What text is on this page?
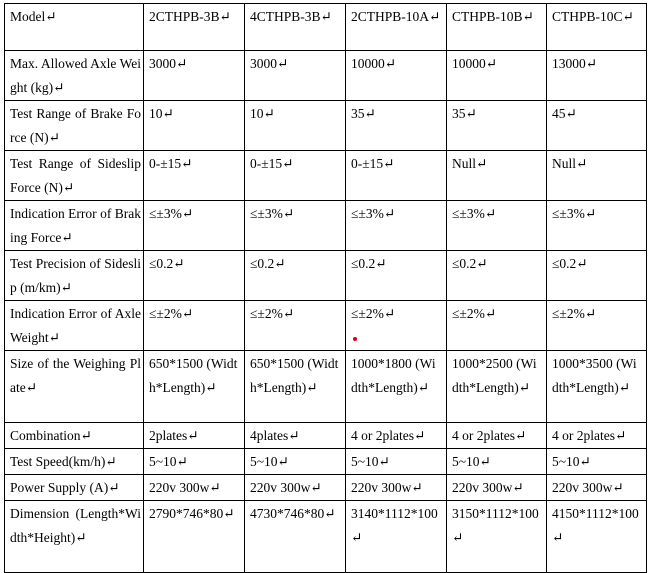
Model↵	2CTHPB-3B↵	4CTHPB-3B↵	2CTHPB-10A↵	CTHPB-10B↵	CTHPB-10C↵
Max. Allowed Axle Weight (kg)↵	3000↵	3000↵	10000↵	10000↵	13000↵
Test Range of Brake Force (N)↵	10↵	10↵	35↵	35↵	45↵
Test Range of Sideslip Force (N)↵	0-±15↵	0-±15↵	0-±15↵	Null↵	Null↵
Indication Error of Braking Force↵	≤±3%↵	≤±3%↵	≤±3%↵	≤±3%↵	≤±3%↵
Test Precision of Sideslip (m/km)↵	≤0.2↵	≤0.2↵	≤0.2↵	≤0.2↵	≤0.2↵
Indication Error of Axle Weight↵	≤±2%↵	≤±2%↵	≤±2%↵	≤±2%↵	≤±2%↵
Size of the Weighing Plate↵	650*1500 (Width*Length)↵	650*1500 (Width*Length)↵	1000*1800 (Width*Length)↵	1000*2500 (Width*Length)↵	1000*3500 (Width*Length)↵
Combination↵	2plates↵	4plates↵	4 or 2plates↵	4 or 2plates↵	4 or 2plates↵
Test Speed(km/h)↵	5~10↵	5~10↵	5~10↵	5~10↵	5~10↵
Power Supply (A)↵	220v 300w↵	220v 300w↵	220v 300w↵	220v 300w↵	220v 300w↵
Dimension (Length*Width*Height)↵	2790*746*80↵	4730*746*80↵	3140*1112*100↵	3150*1112*100↵	4150*1112*100↵
